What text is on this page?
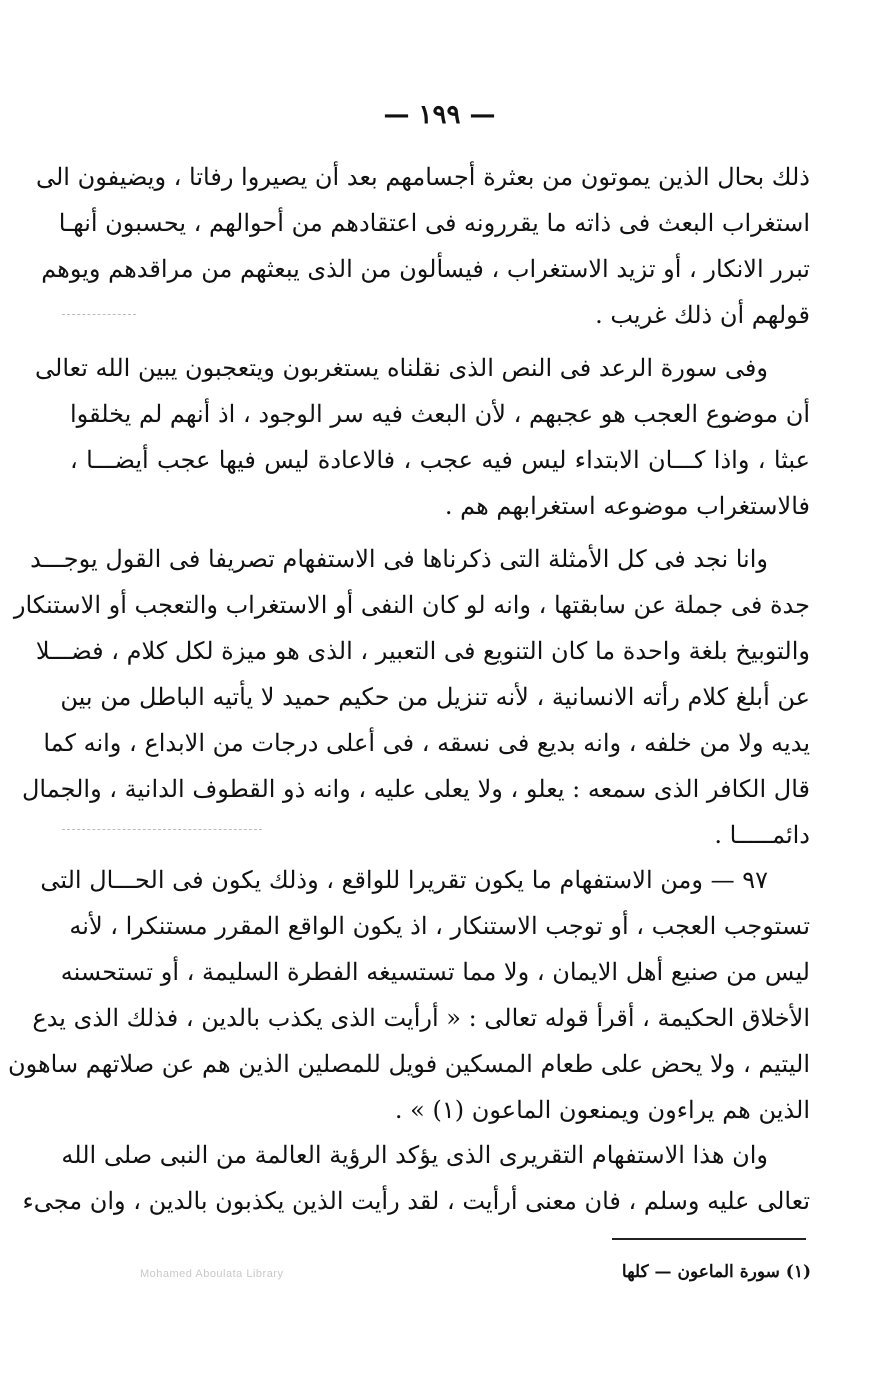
— ١٩٩ —
ذلك بحال الذين يموتون من بعثرة أجسامهم بعد أن يصيروا رفاتا ، ويضيفون الى
استغراب البعث فى ذاته ما يقررونه فى اعتقادهم من أحوالهم ، يحسبون أنهـا
تبرر الانكار ، أو تزيد الاستغراب ، فيسألون من الذى يبعثهم من مراقدهم ويوهم
قولهم أن ذلك غريب .
وفى سورة الرعد فى النص الذى نقلناه يستغربون ويتعجبون يبين الله تعالى
أن موضوع العجب هو عجبهم ، لأن البعث فيه سر الوجود ، اذ أنهم لم يخلقوا
عبثا ، واذا كـــان الابتداء ليس فيه عجب ، فالاعادة ليس فيها عجب أيضـــا ،
فالاستغراب موضوعه استغرابهم هم .
وانا نجد فى كل الأمثلة التى ذكرناها فى الاستفهام تصريفا فى القول يوجـــد
جدة فى جملة عن سابقتها ، وانه لو كان النفى أو الاستغراب والتعجب أو الاستنكار
والتوبيخ بلغة واحدة ما كان التنويع فى التعبير ، الذى هو ميزة لكل كلام ، فضـــلا
عن أبلغ كلام رأته الانسانية ، لأنه تنزيل من حكيم حميد لا يأتيه الباطل من بين
يديه ولا من خلفه ، وانه بديع فى نسقه ، فى أعلى درجات من الابداع ، وانه كما
قال الكافر الذى سمعه : يعلو ، ولا يعلى عليه ، وانه ذو القطوف الدانية ، والجمال
دائمـــــا .
٩٧ — ومن الاستفهام ما يكون تقريرا للواقع ، وذلك يكون فى الحـــال التى
تستوجب العجب ، أو توجب الاستنكار ، اذ يكون الواقع المقرر مستنكرا ، لأنه
ليس من صنيع أهل الايمان ، ولا مما تستسيغه الفطرة السليمة ، أو تستحسنه
الأخلاق الحكيمة ، أقرأ قوله تعالى : « أرأيت الذى يكذب بالدين ، فذلك الذى يدع
اليتيم ، ولا يحض على طعام المسكين فويل للمصلين الذين هم عن صلاتهم ساهون
الذين هم يراءون ويمنعون الماعون (١) » .
وان هذا الاستفهام التقريرى الذى يؤكد الرؤية العالمة من النبى صلى الله
تعالى عليه وسلم ، فان معنى أرأيت ، لقد رأيت الذين يكذبون بالدين ، وان مجىء
(١) سورة الماعون — كلها
Mohamed Aboulata Library
